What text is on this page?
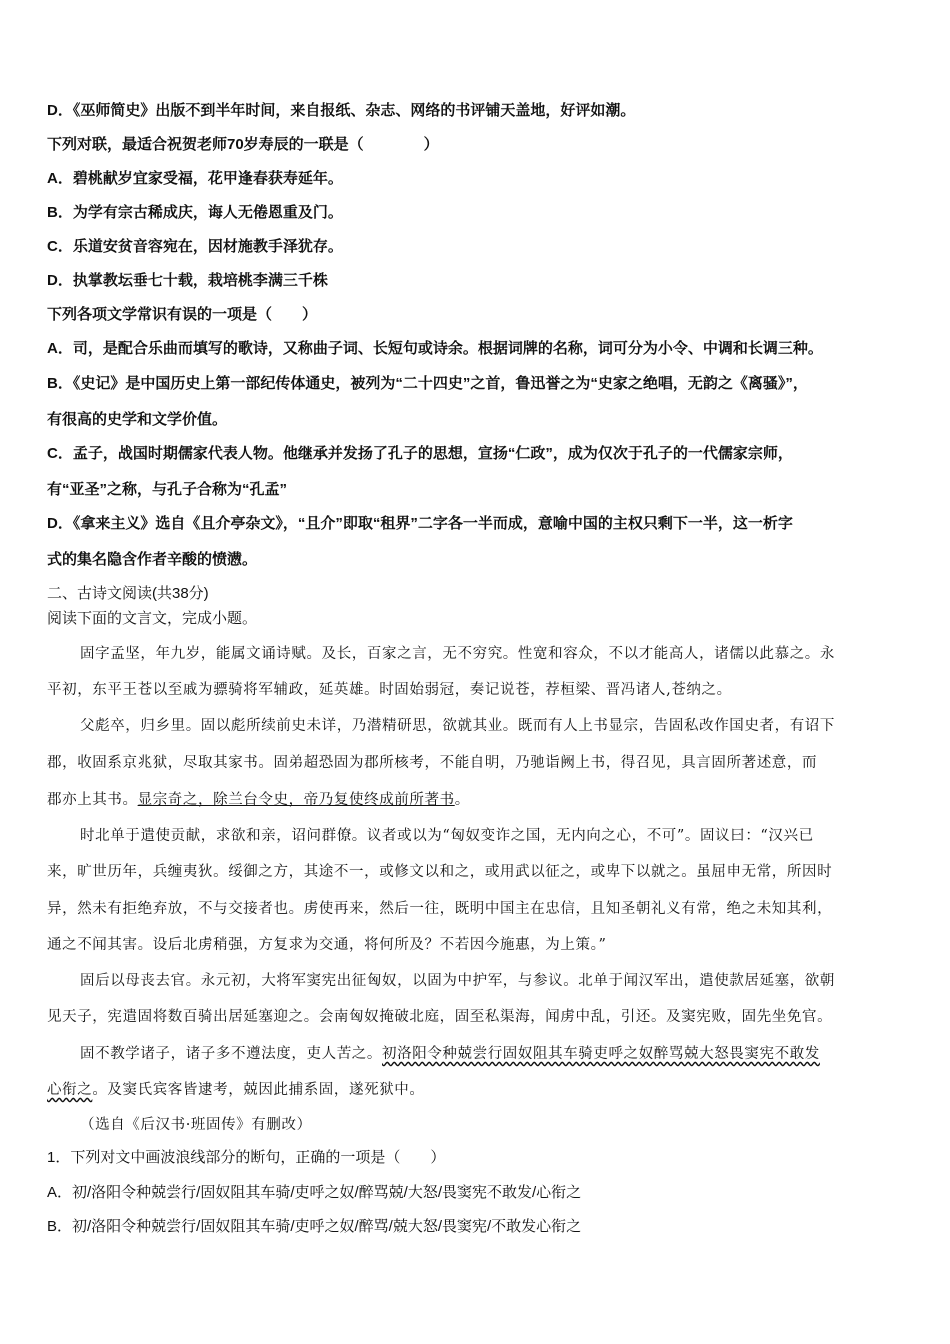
D．《巫师简史》出版不到半年时间，来自报纸、杂志、网络的书评铺天盖地，好评如潮。
下列对联，最适合祝贺老师70岁寿辰的一联是（　　　　）
A．碧桃献岁宜家受福，花甲逢春获寿延年。
B．为学有宗古稀成庆，诲人无倦恩重及门。
C．乐道安贫音容宛在，因材施教手泽犹存。
D．执掌教坛垂七十载，栽培桃李满三千株
下列各项文学常识有误的一项是（　　）
A．司，是配合乐曲而填写的歌诗，又称曲子词、长短句或诗余。根据词牌的名称，词可分为小令、中调和长调三种。
B．《史记》是中国历史上第一部纪传体通史，被列为“二十四史”之首，鲁迅誉之为“史家之绝唱，无韵之《离骚》”，
有很高的史学和文学价值。
C．孟子，战国时期儒家代表人物。他继承并发扬了孔子的思想，宣扬“仁政”，成为仅次于孔子的一代儒家宗师，
有“亚圣”之称，与孔子合称为“孔孟”
D．《拿来主义》选自《且介亭杂文》，“且介”即取“租界”二字各一半而成，意喻中国的主权只剩下一半，这一析字
式的集名隐含作者辛酸的愤懑。
二、古诗文阅读(共38分)
阅读下面的文言文，完成小题。
固字孟坚，年九岁，能属文诵诗赋。及长，百家之言，无不穷究。性宽和容众，不以才能高人，诸儒以此慕之。永
平初，东平王苍以至戚为骠骑将军辅政，延英雄。时固始弱冠，奏记说苍，荐桓梁、晋冯诸人,苍纳之。
父彪卒，归乡里。固以彪所续前史未详，乃潜精研思，欲就其业。既而有人上书显宗，告固私改作国史者，有诏下
郡，收固系京兆狱，尽取其家书。固弟超恐固为郡所核考，不能自明，乃驰诣阙上书，得召见，具言固所著述意，而
郡亦上其书。显宗奇之，除兰台令史，帝乃复使终成前所著书。
时北单于遣使贡献，求欲和亲，诏问群僚。议者或以为“匈奴变诈之国，无内向之心，不可”。固议曰：“汉兴已
来，旷世历年，兵缠夷狄。绥御之方，其途不一，或修文以和之，或用武以征之，或卑下以就之。虽屈申无常，所因时
异，然未有拒绝弃放，不与交接者也。虏使再来，然后一往，既明中国主在忠信，且知圣朝礼义有常，绝之未知其利，
通之不闻其害。设后北虏稍强，方复求为交通，将何所及？不若因今施惠，为上策。”
固后以母丧去官。永元初，大将军窦宪出征匈奴，以固为中护军，与参议。北单于闻汉军出，遣使款居延塞，欲朝
见天子，宪遣固将数百骑出居延塞迎之。会南匈奴掩破北庭，固至私渠海，闻虏中乱，引还。及窦宪败，固先坐免官。
固不教学诸子，诸子多不遵法度，吏人苦之。初洛阳令种兢尝行固奴阻其车骑吏呼之奴醉骂兢大怒畏窦宪不敢发
心衔之。及窦氏宾客皆逮考，兢因此捕系固，遂死狱中。
（选自《后汉书·班固传》有删改）
1．下列对文中画波浪线部分的断句，正确的一项是（　　）
A．初/洛阳令种兢尝行/固奴阻其车骑/吏呼之奴/醉骂兢/大怒/畏窦宪不敢发/心衔之
B．初/洛阳令种兢尝行/固奴阻其车骑/吏呼之奴/醉骂/兢大怒/畏窦宪/不敢发心衔之
